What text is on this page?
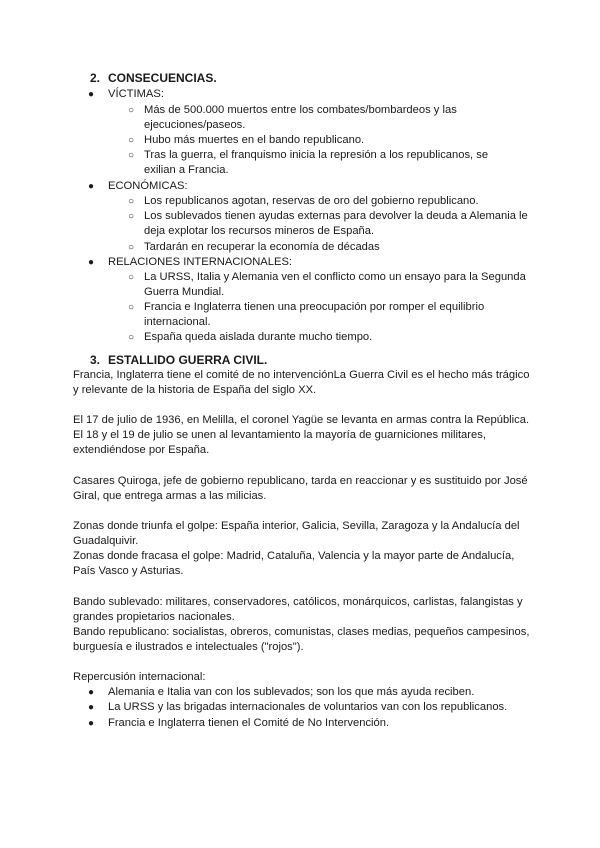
2. CONSECUENCIAS.
● VÍCTIMAS:
○ Más de 500.000 muertos entre los combates/bombardeos y las ejecuciones/paseos.
○ Hubo más muertes en el bando republicano.
○ Tras la guerra, el franquismo inicia la represión a los republicanos, se exilian a Francia.
● ECONÓMICAS:
○ Los republicanos agotan, reservas de oro del gobierno republicano.
○ Los sublevados tienen ayudas externas para devolver la deuda a Alemania le deja explotar los recursos mineros de España.
○ Tardarán en recuperar la economía de décadas
● RELACIONES INTERNACIONALES:
○ La URSS, Italia y Alemania ven el conflicto como un ensayo para la Segunda Guerra Mundial.
○ Francia e Inglaterra tienen una preocupación por romper el equilibrio internacional.
○ España queda aislada durante mucho tiempo.
3. ESTALLIDO GUERRA CIVIL.
Francia, Inglaterra tiene el comité de no intervenciónLa Guerra Civil es el hecho más trágico y relevante de la historia de España del siglo XX.
El 17 de julio de 1936, en Melilla, el coronel Yagüe se levanta en armas contra la República. El 18 y el 19 de julio se unen al levantamiento la mayoría de guarniciones militares, extendiéndose por España.
Casares Quiroga, jefe de gobierno republicano, tarda en reaccionar y es sustituido por José Giral, que entrega armas a las milicias.
Zonas donde triunfa el golpe: España interior, Galicia, Sevilla, Zaragoza y la Andalucía del Guadalquivir.
Zonas donde fracasa el golpe: Madrid, Cataluña, Valencia y la mayor parte de Andalucía, País Vasco y Asturias.
Bando sublevado: militares, conservadores, católicos, monárquicos, carlistas, falangistas y grandes propietarios nacionales.
Bando republicano: socialistas, obreros, comunistas, clases medias, pequeños campesinos, burguesía e ilustrados e intelectuales ("rojos").
Repercusión internacional:
● Alemania e Italia van con los sublevados; son los que más ayuda reciben.
● La URSS y las brigadas internacionales de voluntarios van con los republicanos.
● Francia e Inglaterra tienen el Comité de No Intervención.
